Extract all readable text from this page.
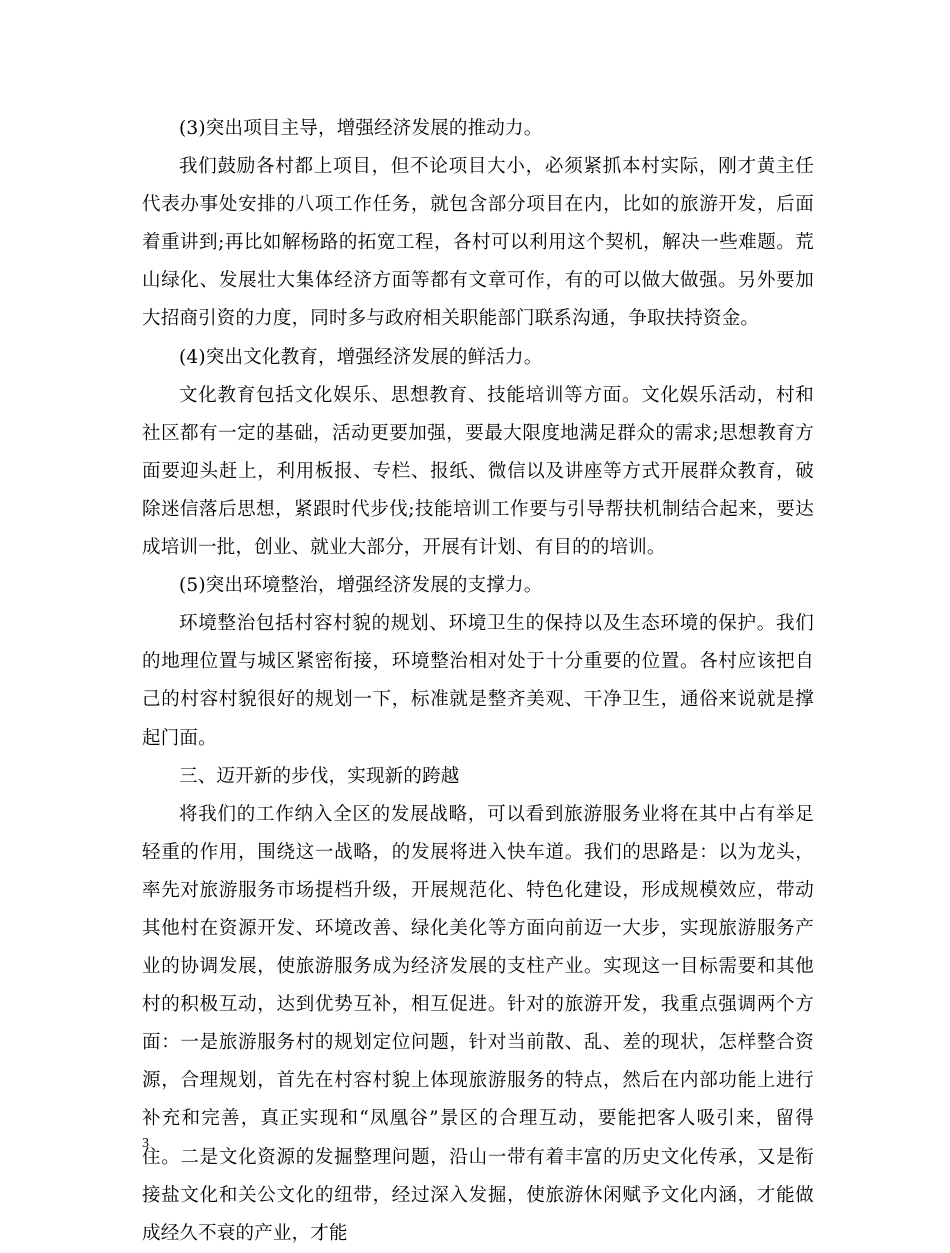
(3)突出项目主导，增强经济发展的推动力。

我们鼓励各村都上项目，但不论项目大小，必须紧抓本村实际，刚才黄主任代表办事处安排的八项工作任务，就包含部分项目在内，比如的旅游开发，后面着重讲到;再比如解杨路的拓宽工程，各村可以利用这个契机，解决一些难题。荒山绿化、发展壮大集体经济方面等都有文章可作，有的可以做大做强。另外要加大招商引资的力度，同时多与政府相关职能部门联系沟通，争取扶持资金。

(4)突出文化教育，增强经济发展的鲜活力。

文化教育包括文化娱乐、思想教育、技能培训等方面。文化娱乐活动，村和社区都有一定的基础，活动更要加强，要最大限度地满足群众的需求;思想教育方面要迎头赶上，利用板报、专栏、报纸、微信以及讲座等方式开展群众教育，破除迷信落后思想，紧跟时代步伐;技能培训工作要与引导帮扶机制结合起来，要达成培训一批，创业、就业大部分，开展有计划、有目的的培训。

(5)突出环境整治，增强经济发展的支撑力。

环境整治包括村容村貌的规划、环境卫生的保持以及生态环境的保护。我们的地理位置与城区紧密衔接，环境整治相对处于十分重要的位置。各村应该把自己的村容村貌很好的规划一下，标准就是整齐美观、干净卫生，通俗来说就是撑起门面。

三、迈开新的步伐，实现新的跨越

将我们的工作纳入全区的发展战略，可以看到旅游服务业将在其中占有举足轻重的作用，围绕这一战略，的发展将进入快车道。我们的思路是：以为龙头，率先对旅游服务市场提档升级，开展规范化、特色化建设，形成规模效应，带动其他村在资源开发、环境改善、绿化美化等方面向前迈一大步，实现旅游服务产业的协调发展，使旅游服务成为经济发展的支柱产业。实现这一目标需要和其他村的积极互动，达到优势互补，相互促进。针对的旅游开发，我重点强调两个方面：一是旅游服务村的规划定位问题，针对当前散、乱、差的现状，怎样整合资源，合理规划，首先在村容村貌上体现旅游服务的特点，然后在内部功能上进行补充和完善，真正实现和“凤凰谷”景区的合理互动，要能把客人吸引来，留得住。二是文化资源的发掘整理问题，沿山一带有着丰富的历史文化传承，又是衔接盐文化和关公文化的纽带，经过深入发掘，使旅游休闲赋予文化内涵，才能做成经久不衰的产业，才能

3
